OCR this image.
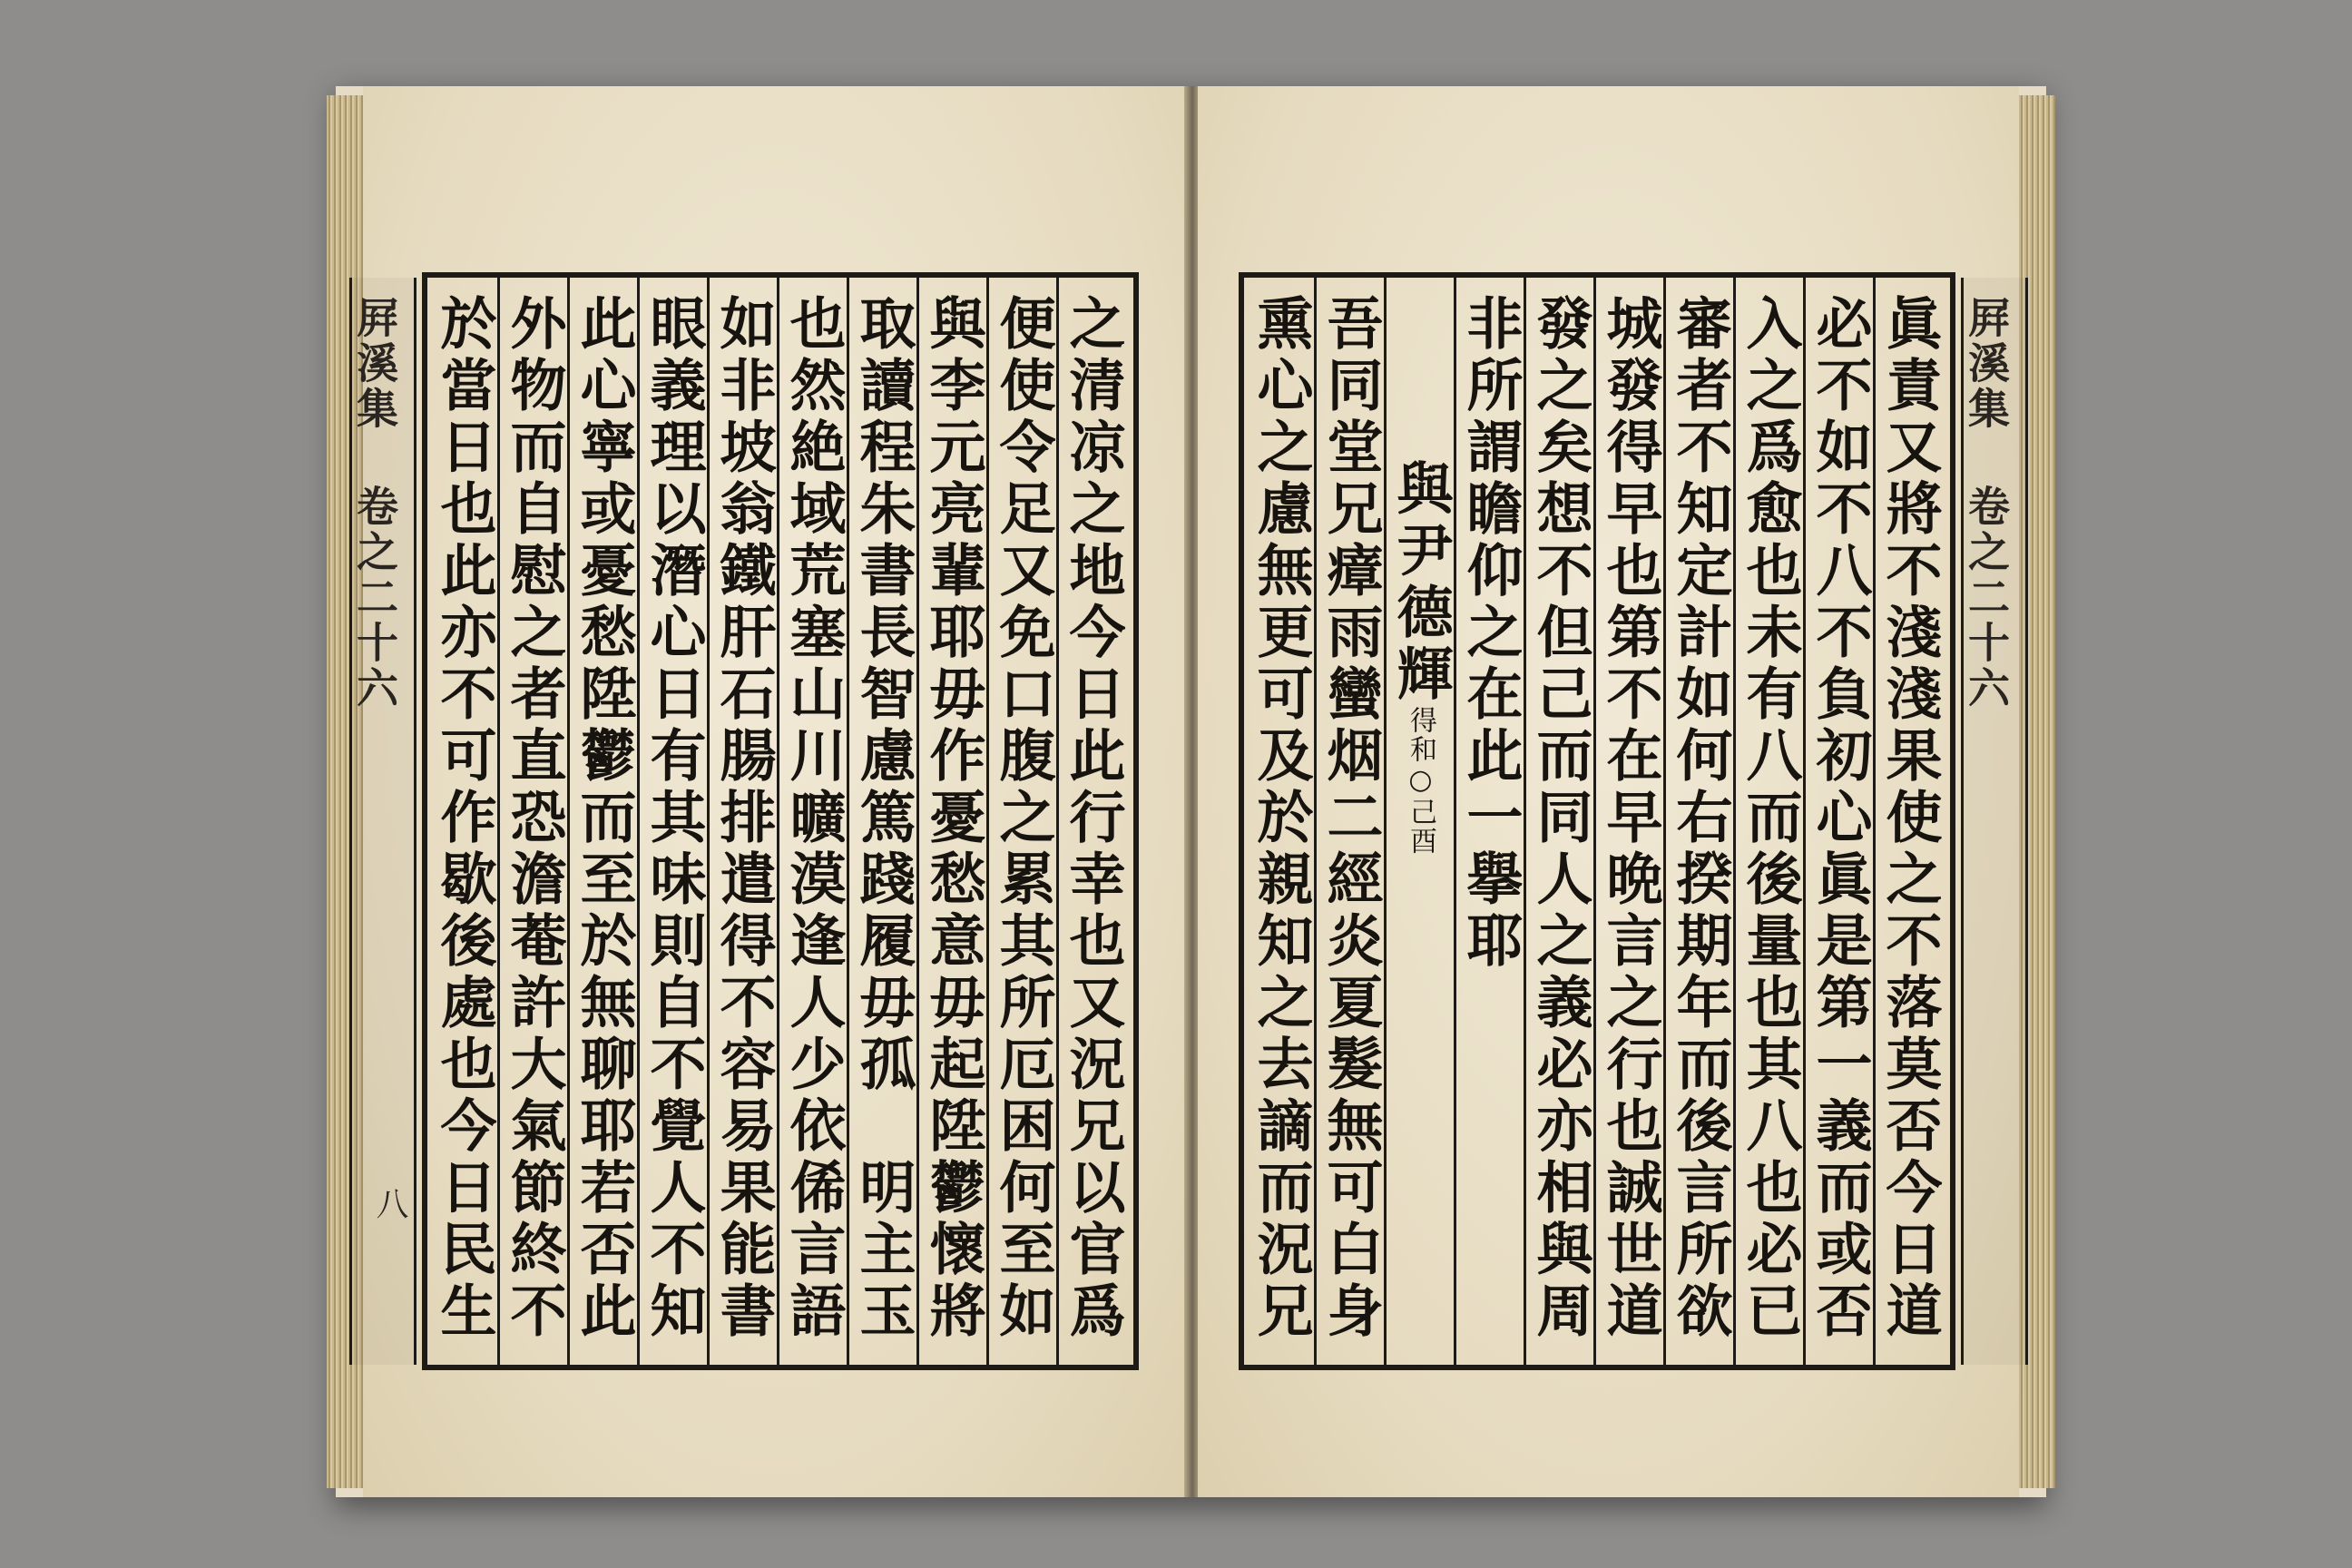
屛溪集 卷之二十六
八
之清凉之地今日此行幸也又況兄以官爲
便使令足又免口腹之累其所厄困何至如
與李元亮輩耶毋作憂愁意毋起陞鬱懷將
取讀程朱書長智慮篤踐履毋孤　明主玉
也然絶域荒塞山川曠漠逢人少依俙言語
如非坡翁鐵肝石腸排遣得不容易果能書
眼義理以潛心日有其味則自不覺人不知
此心寧或憂愁陞鬱而至於無聊耶若否此
外物而自慰之者直恐澹菴許大氣節終不
於當日也此亦不可作歇後處也今日民生
屛溪集 卷之二十六
眞責又將不淺淺果使之不落莫否今日道
必不如不八不負初心眞是第一義而或否
入之爲愈也未有八而後量也其八也必已
審者不知定計如何右揆期年而後言所欲
城發得早也第不在早晩言之行也誠世道
發之矣想不但己而同人之義必亦相與周
非所謂瞻仰之在此一擧耶
與尹德輝得和○己酉
吾同堂兄瘴雨蠻烟二經炎夏髮無可白身
熏心之慮無更可及於親知之去謫而況兄
